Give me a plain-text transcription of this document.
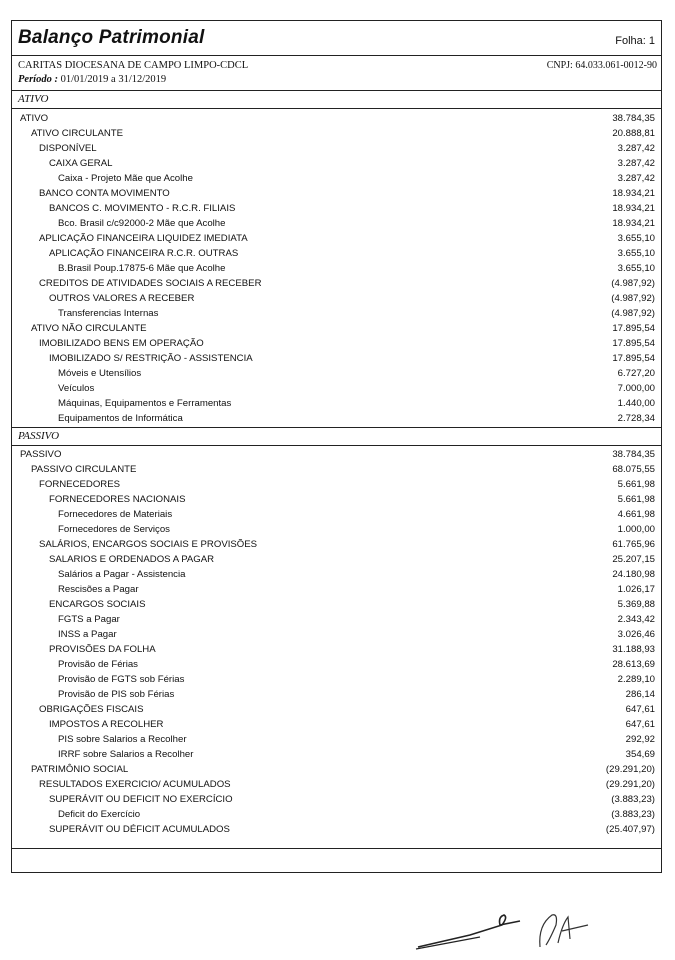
Balanço Patrimonial	Folha: 1
CARITAS DIOCESANA DE CAMPO LIMPO-CDCL	CNPJ: 64.033.061-0012-90
Período : 01/01/2019 a 31/12/2019
ATIVO
ATIVO	38.784,35
ATIVO CIRCULANTE	20.888,81
DISPONÍVEL	3.287,42
CAIXA GERAL	3.287,42
Caixa - Projeto Mãe que Acolhe	3.287,42
BANCO CONTA MOVIMENTO	18.934,21
BANCOS C. MOVIMENTO - R.C.R. FILIAIS	18.934,21
Bco. Brasil c/c92000-2 Mãe que Acolhe	18.934,21
APLICAÇÃO FINANCEIRA LIQUIDEZ IMEDIATA	3.655,10
APLICAÇÃO FINANCEIRA R.C.R. OUTRAS	3.655,10
B.Brasil Poup.17875-6 Mãe que Acolhe	3.655,10
CREDITOS DE ATIVIDADES SOCIAIS A RECEBER	(4.987,92)
OUTROS VALORES A RECEBER	(4.987,92)
Transferencias Internas	(4.987,92)
ATIVO NÃO CIRCULANTE	17.895,54
IMOBILIZADO BENS EM OPERAÇÃO	17.895,54
IMOBILIZADO S/ RESTRIÇÃO - ASSISTENCIA	17.895,54
Móveis e Utensílios	6.727,20
Veículos	7.000,00
Máquinas, Equipamentos e Ferramentas	1.440,00
Equipamentos de Informática	2.728,34
PASSIVO
PASSIVO	38.784,35
PASSIVO CIRCULANTE	68.075,55
FORNECEDORES	5.661,98
FORNECEDORES NACIONAIS	5.661,98
Fornecedores de Materiais	4.661,98
Fornecedores de Serviços	1.000,00
SALÁRIOS, ENCARGOS SOCIAIS E PROVISÕES	61.765,96
SALARIOS E ORDENADOS A PAGAR	25.207,15
Salários a Pagar - Assistencia	24.180,98
Rescisões a Pagar	1.026,17
ENCARGOS SOCIAIS	5.369,88
FGTS a Pagar	2.343,42
INSS a Pagar	3.026,46
PROVISÕES DA FOLHA	31.188,93
Provisão de Férias	28.613,69
Provisão de FGTS sob Férias	2.289,10
Provisão de PIS sob Férias	286,14
OBRIGAÇÕES FISCAIS	647,61
IMPOSTOS A RECOLHER	647,61
PIS sobre Salarios a Recolher	292,92
IRRF sobre Salarios a Recolher	354,69
PATRIMÔNIO SOCIAL	(29.291,20)
RESULTADOS EXERCICIO/ ACUMULADOS	(29.291,20)
SUPERÁVIT OU DEFICIT NO EXERCÍCIO	(3.883,23)
Deficit do Exercício	(3.883,23)
SUPERÁVIT OU DÉFICIT ACUMULADOS	(25.407,97)
